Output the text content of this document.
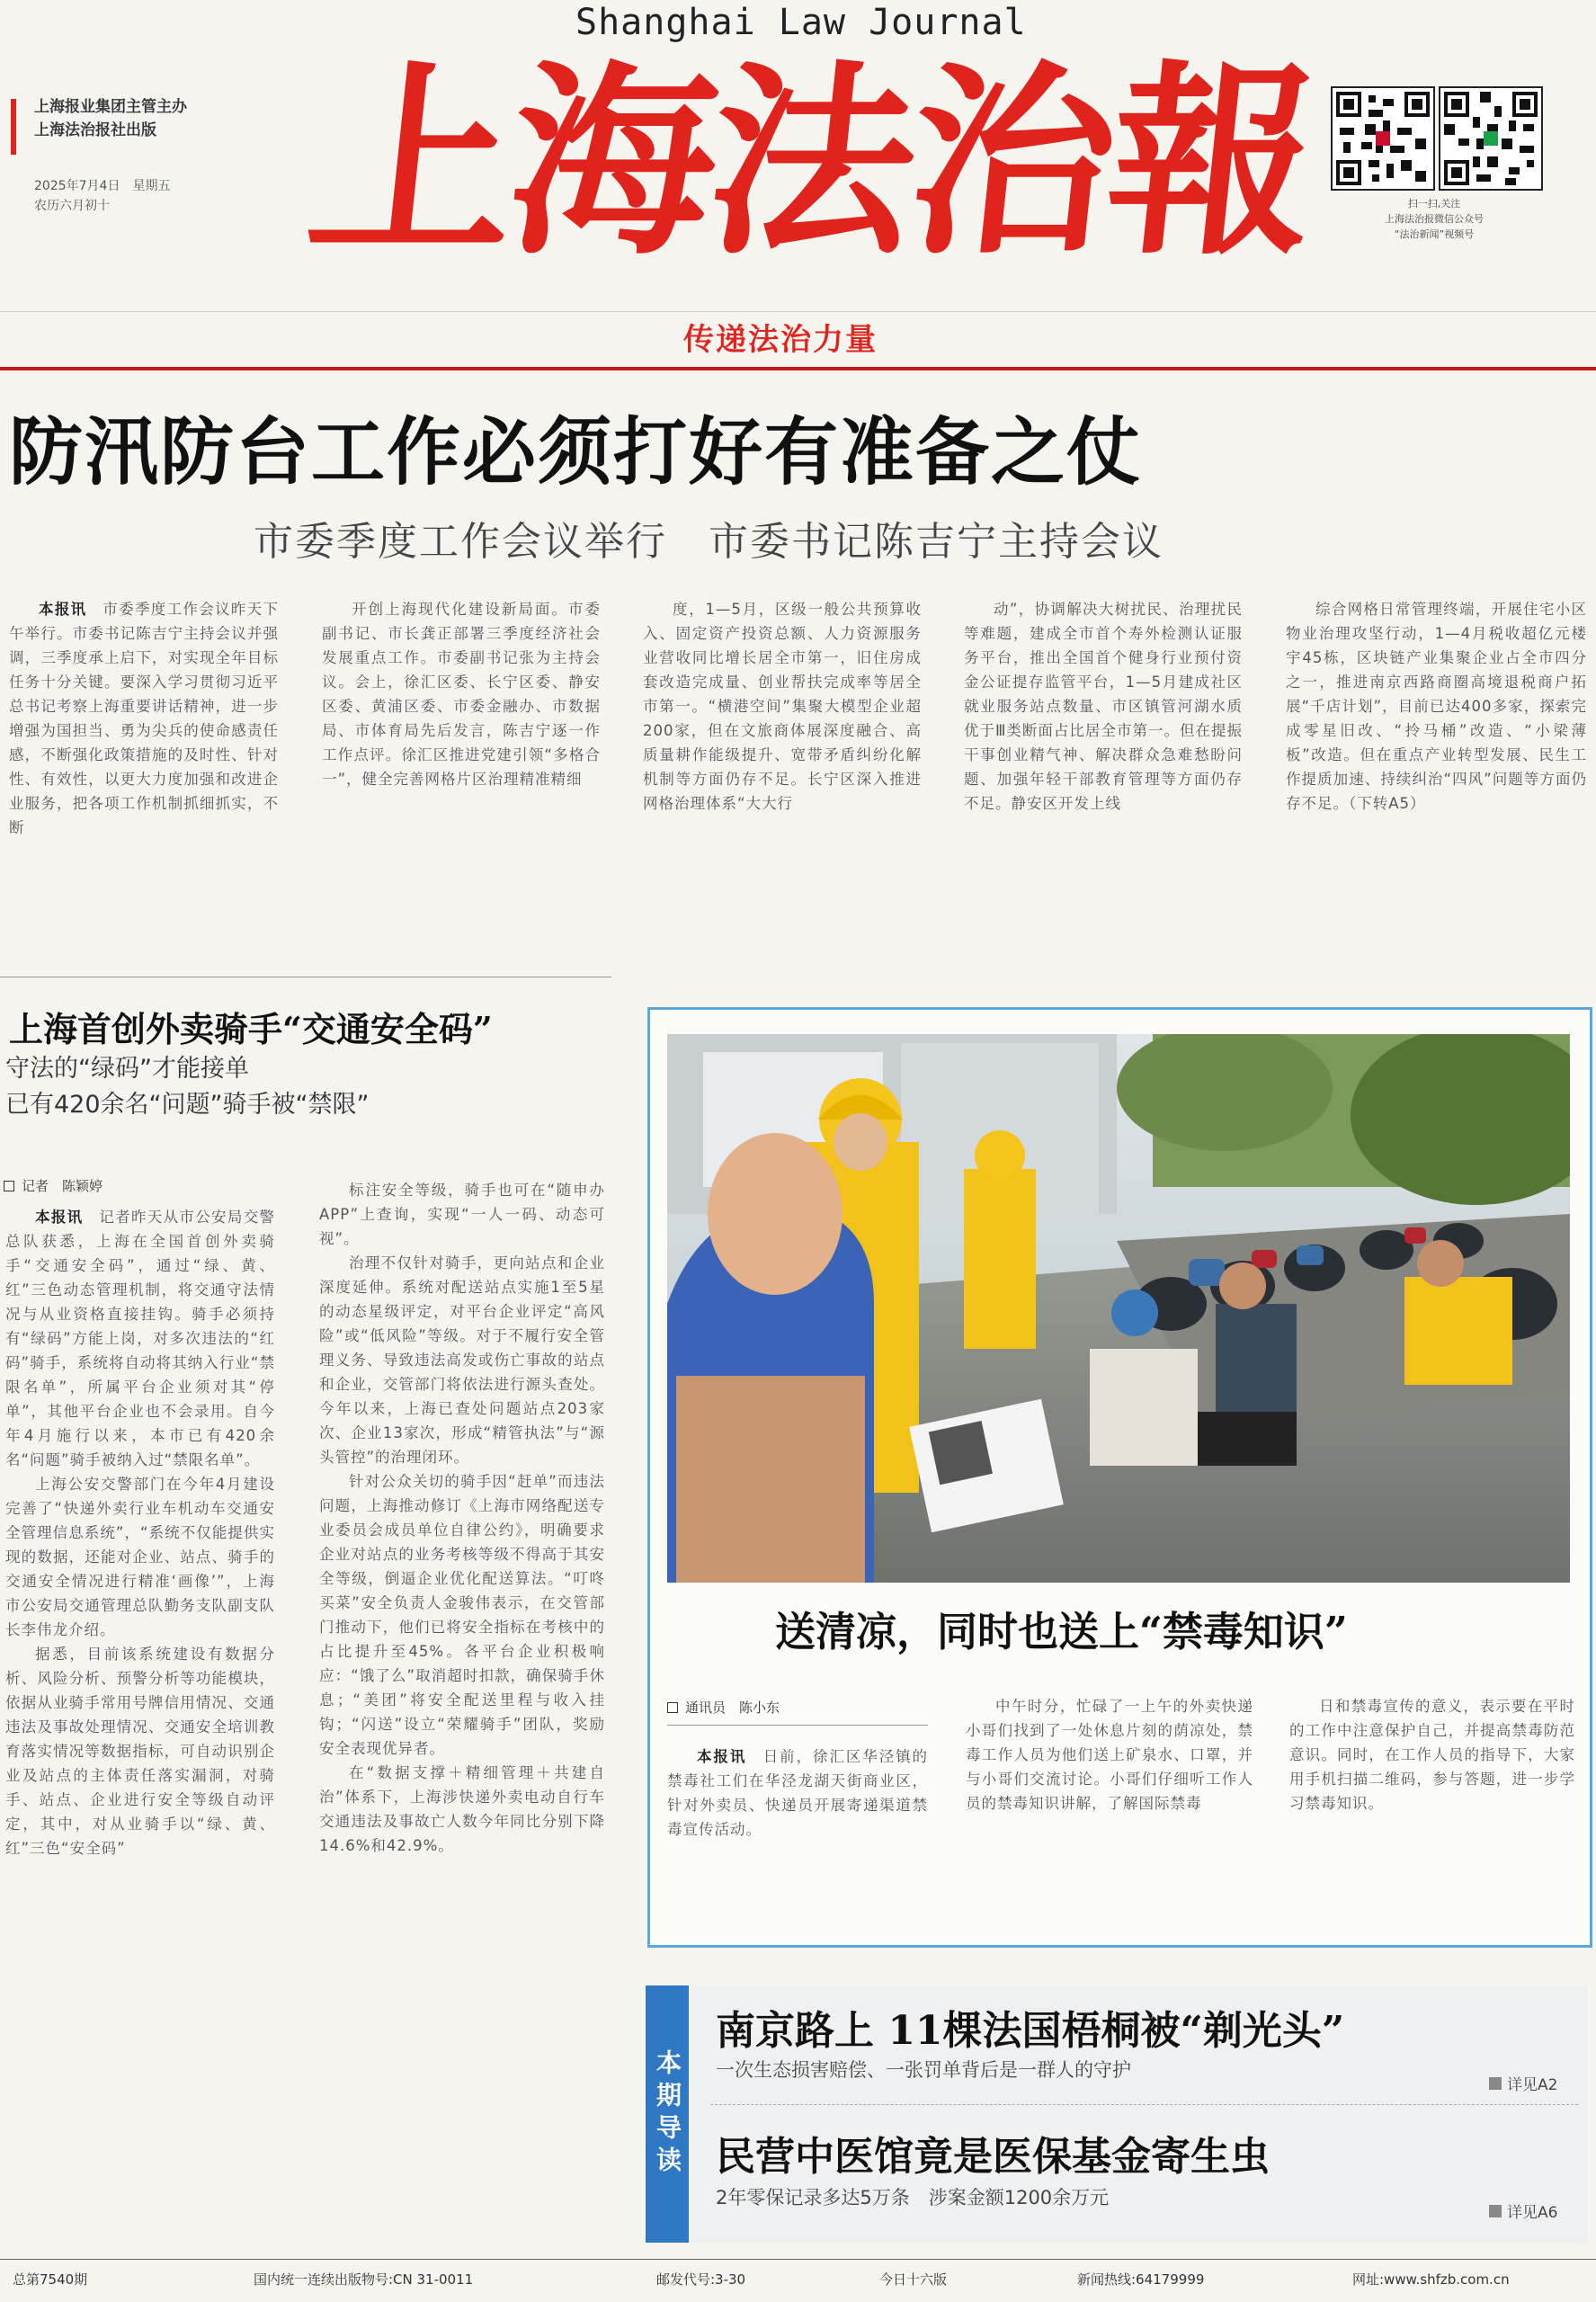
Shanghai Law Journal
上海报业集团主管主办
上海法治报社出版
2025年7月4日　星期五
农历六月初十 上海法治報	扫一扫,关注
上海法治报微信公众号
“法治新闻”视频号
传递法治力量
防汛防台工作必须打好有准备之仗
市委季度工作会议举行　市委书记陈吉宁主持会议

本报讯　 市委季度工作会议昨天下午举行。市委书记陈吉宁主持会议并强调，三季度承上启下，对实现全年目标任务十分关键。要深入学习贯彻习近平总书记考察上海重要讲话精神，进一步增强为国担当、勇为尖兵的使命感责任感，不断强化政策措施的及时性、针对性、有效性，以更大力度加强和改进企业服务，把各项工作机制抓细抓实，不断

开创上海现代化建设新局面。市委副书记、市长龚正部署三季度经济社会发展重点工作。市委副书记张为主持会议。会上，徐汇区委、长宁区委、静安区委、黄浦区委、市委金融办、市数据局、市体育局先后发言，陈吉宁逐一作工作点评。徐汇区推进党建引领“多格合一”，健全完善网格片区治理精准精细

度，1—5月，区级一般公共预算收入、固定资产投资总额、人力资源服务业营收同比增长居全市第一，旧住房成套改造完成量、创业帮扶完成率等居全市第一。“横港空间”集聚大模型企业超200家，但在文旅商体展深度融合、高质量耕作能级提升、宽带矛盾纠纷化解机制等方面仍存不足。长宁区深入推进网格治理体系“大大行

动”，协调解决大树扰民、治理扰民等难题，建成全市首个寿外检测认证服务平台，推出全国首个健身行业预付资金公证提存监管平台，1—5月建成社区就业服务站点数量、市区镇管河湖水质优于Ⅲ类断面占比居全市第一。但在提振干事创业精气神、解决群众急难愁盼问题、加强年轻干部教育管理等方面仍存不足。静安区开发上线

综合网格日常管理终端，开展住宅小区物业治理攻坚行动，1—4月税收超亿元楼宇45栋，区块链产业集聚企业占全市四分之一，推进南京西路商圈高境退税商户拓展“千店计划”，目前已达400多家，探索完成零星旧改、“拎马桶”改造、“小梁薄板”改造。但在重点产业转型发展、民生工作提质加速、持续纠治“四风”问题等方面仍存不足。（下转A5）

上海首创外卖骑手“交通安全码”
守法的“绿码”才能接单
已有420余名“问题”骑手被“禁限”
记者　陈颖婷

本报讯　 记者昨天从市公安局交警总队获悉，上海在全国首创外卖骑手“交通安全码”，通过“绿、黄、红”三色动态管理机制，将交通守法情况与从业资格直接挂钩。骑手必须持有“绿码”方能上岗，对多次违法的“红码”骑手，系统将自动将其纳入行业“禁限名单”，所属平台企业须对其“停单”，其他平台企业也不会录用。自今年4月施行以来，本市已有420余名“问题”骑手被纳入过“禁限名单”。

上海公安交警部门在今年4月建设完善了“快递外卖行业车机动车交通安全管理信息系统”，“系统不仅能提供实现的数据，还能对企业、站点、骑手的交通安全情况进行精准‘画像’”，上海市公安局交通管理总队勤务支队副支队长李伟龙介绍。

据悉，目前该系统建设有数据分析、风险分析、预警分析等功能模块，依据从业骑手常用号牌信用情况、交通违法及事故处理情况、交通安全培训教育落实情况等数据指标，可自动识别企业及站点的主体责任落实漏洞，对骑手、站点、企业进行安全等级自动评定，其中，对从业骑手以“绿、黄、红”三色“安全码”

标注安全等级，骑手也可在“随申办APP”上查询，实现“一人一码、动态可视”。

治理不仅针对骑手，更向站点和企业深度延伸。系统对配送站点实施1至5星的动态星级评定，对平台企业评定“高风险”或“低风险”等级。对于不履行安全管理义务、导致违法高发或伤亡事故的站点和企业，交管部门将依法进行源头查处。今年以来，上海已查处问题站点203家次、企业13家次，形成“精管执法”与“源头管控”的治理闭环。

针对公众关切的骑手因“赶单”而违法问题，上海推动修订《上海市网络配送专业委员会成员单位自律公约》，明确要求企业对站点的业务考核等级不得高于其安全等级，倒逼企业优化配送算法。“叮咚买菜”安全负责人金骏伟表示，在交管部门推动下，他们已将安全指标在考核中的占比提升至45%。各平台企业积极响应：“饿了么”取消超时扣款，确保骑手休息；“美团”将安全配送里程与收入挂钩；“闪送”设立“荣耀骑手”团队，奖励安全表现优异者。

在“数据支撑＋精细管理＋共建自治”体系下，上海涉快递外卖电动自行车交通违法及事故亡人数今年同比分别下降14.6%和42.9%。

送清凉，同时也送上“禁毒知识”
通讯员　陈小东

本报讯　 日前，徐汇区华泾镇的禁毒社工们在华泾龙湖天街商业区，针对外卖员、快递员开展寄递渠道禁毒宣传活动。

中午时分，忙碌了一上午的外卖快递小哥们找到了一处休息片刻的荫凉处，禁毒工作人员为他们送上矿泉水、口罩，并与小哥们交流讨论。小哥们仔细听工作人员的禁毒知识讲解，了解国际禁毒

日和禁毒宣传的意义，表示要在平时的工作中注意保护自己，并提高禁毒防范意识。同时，在工作人员的指导下，大家用手机扫描二维码，参与答题，进一步学习禁毒知识。

本期导读
南京路上 11棵法国梧桐被“剃光头”
一次生态损害赔偿、一张罚单背后是一群人的守护
详见A2
民营中医馆竟是医保基金寄生虫
2年零保记录多达5万条　涉案金额1200余万元
详见A6
总第7540期	国内统一连续出版物号:CN 31-0011	邮发代号:3-30	今日十六版	新闻热线:64179999	网址:www.shfzb.com.cn
